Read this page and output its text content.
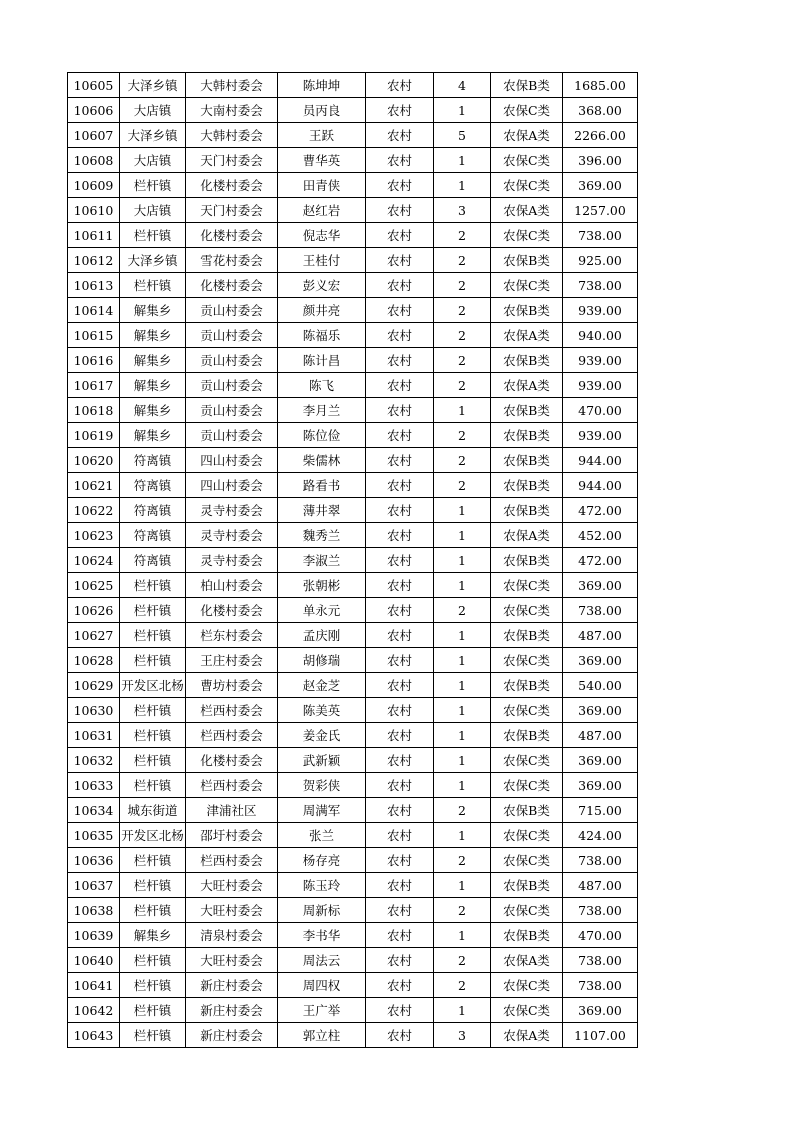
10605	大泽乡镇	大韩村委会	陈坤坤	农村	4	农保B类	1685.00
10606	大店镇	大南村委会	员丙良	农村	1	农保C类	368.00
10607	大泽乡镇	大韩村委会	王跃	农村	5	农保A类	2266.00
10608	大店镇	天门村委会	曹华英	农村	1	农保C类	396.00
10609	栏杆镇	化楼村委会	田青侠	农村	1	农保C类	369.00
10610	大店镇	天门村委会	赵红岩	农村	3	农保A类	1257.00
10611	栏杆镇	化楼村委会	倪志华	农村	2	农保C类	738.00
10612	大泽乡镇	雪花村委会	王桂付	农村	2	农保B类	925.00
10613	栏杆镇	化楼村委会	彭义宏	农村	2	农保C类	738.00
10614	解集乡	贡山村委会	颜井亮	农村	2	农保B类	939.00
10615	解集乡	贡山村委会	陈福乐	农村	2	农保A类	940.00
10616	解集乡	贡山村委会	陈计昌	农村	2	农保B类	939.00
10617	解集乡	贡山村委会	陈飞	农村	2	农保A类	939.00
10618	解集乡	贡山村委会	李月兰	农村	1	农保B类	470.00
10619	解集乡	贡山村委会	陈位俭	农村	2	农保B类	939.00
10620	符离镇	四山村委会	柴儒林	农村	2	农保B类	944.00
10621	符离镇	四山村委会	路看书	农村	2	农保B类	944.00
10622	符离镇	灵寺村委会	薄井翠	农村	1	农保B类	472.00
10623	符离镇	灵寺村委会	魏秀兰	农村	1	农保A类	452.00
10624	符离镇	灵寺村委会	李淑兰	农村	1	农保B类	472.00
10625	栏杆镇	柏山村委会	张朝彬	农村	1	农保C类	369.00
10626	栏杆镇	化楼村委会	单永元	农村	2	农保C类	738.00
10627	栏杆镇	栏东村委会	孟庆刚	农村	1	农保B类	487.00
10628	栏杆镇	王庄村委会	胡修瑞	农村	1	农保C类	369.00
10629	开发区北杨	曹坊村委会	赵金芝	农村	1	农保B类	540.00
10630	栏杆镇	栏西村委会	陈美英	农村	1	农保C类	369.00
10631	栏杆镇	栏西村委会	姜金氏	农村	1	农保B类	487.00
10632	栏杆镇	化楼村委会	武新颖	农村	1	农保C类	369.00
10633	栏杆镇	栏西村委会	贺彩侠	农村	1	农保C类	369.00
10634	城东街道	津浦社区	周满军	农村	2	农保B类	715.00
10635	开发区北杨	邵圩村委会	张兰	农村	1	农保C类	424.00
10636	栏杆镇	栏西村委会	杨存亮	农村	2	农保C类	738.00
10637	栏杆镇	大旺村委会	陈玉玲	农村	1	农保B类	487.00
10638	栏杆镇	大旺村委会	周新标	农村	2	农保C类	738.00
10639	解集乡	清泉村委会	李书华	农村	1	农保B类	470.00
10640	栏杆镇	大旺村委会	周法云	农村	2	农保A类	738.00
10641	栏杆镇	新庄村委会	周四权	农村	2	农保C类	738.00
10642	栏杆镇	新庄村委会	王广举	农村	1	农保C类	369.00
10643	栏杆镇	新庄村委会	郭立柱	农村	3	农保A类	1107.00
